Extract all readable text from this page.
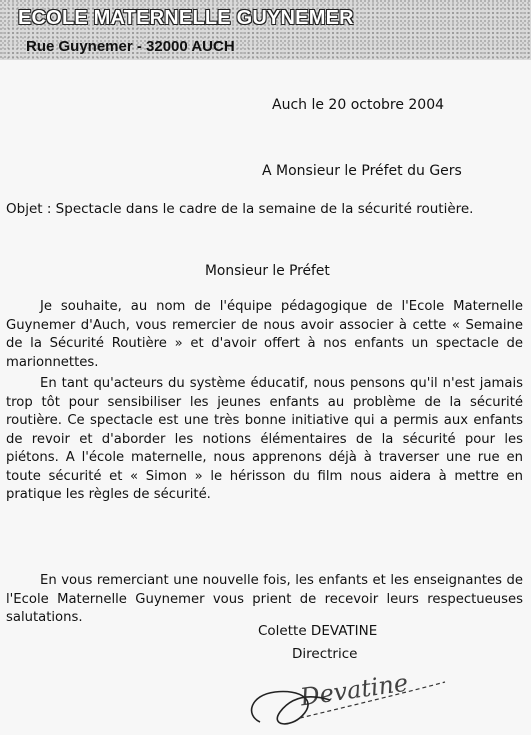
ECOLE MATERNELLE GUYNEMER
Rue Guynemer - 32000 AUCH
Auch le 20 octobre 2004
A Monsieur le Préfet du Gers
Objet : Spectacle dans le cadre de la semaine de la sécurité routière.
Monsieur le Préfet

Je souhaite, au nom de l'équipe pédagogique de l'Ecole Maternelle Guynemer d'Auch, vous remercier de nous avoir associer à cette « Semaine de la Sécurité Routière » et d'avoir offert à nos enfants un spectacle de marionnettes.

En tant qu'acteurs du système éducatif, nous pensons qu'il n'est jamais trop tôt pour sensibiliser les jeunes enfants au problème de la sécurité routière. Ce spectacle est une très bonne initiative qui a permis aux enfants de revoir et d'aborder les notions élémentaires de la sécurité pour les piétons. A l'école maternelle, nous apprenons déjà à traverser une rue en toute sécurité et « Simon » le hérisson du film nous aidera à mettre en pratique les règles de sécurité.

En vous remerciant une nouvelle fois, les enfants et les enseignantes de l'Ecole Maternelle Guynemer vous prient de recevoir leurs respectueuses salutations.

Colette DEVATINE
Directrice
Devatine
